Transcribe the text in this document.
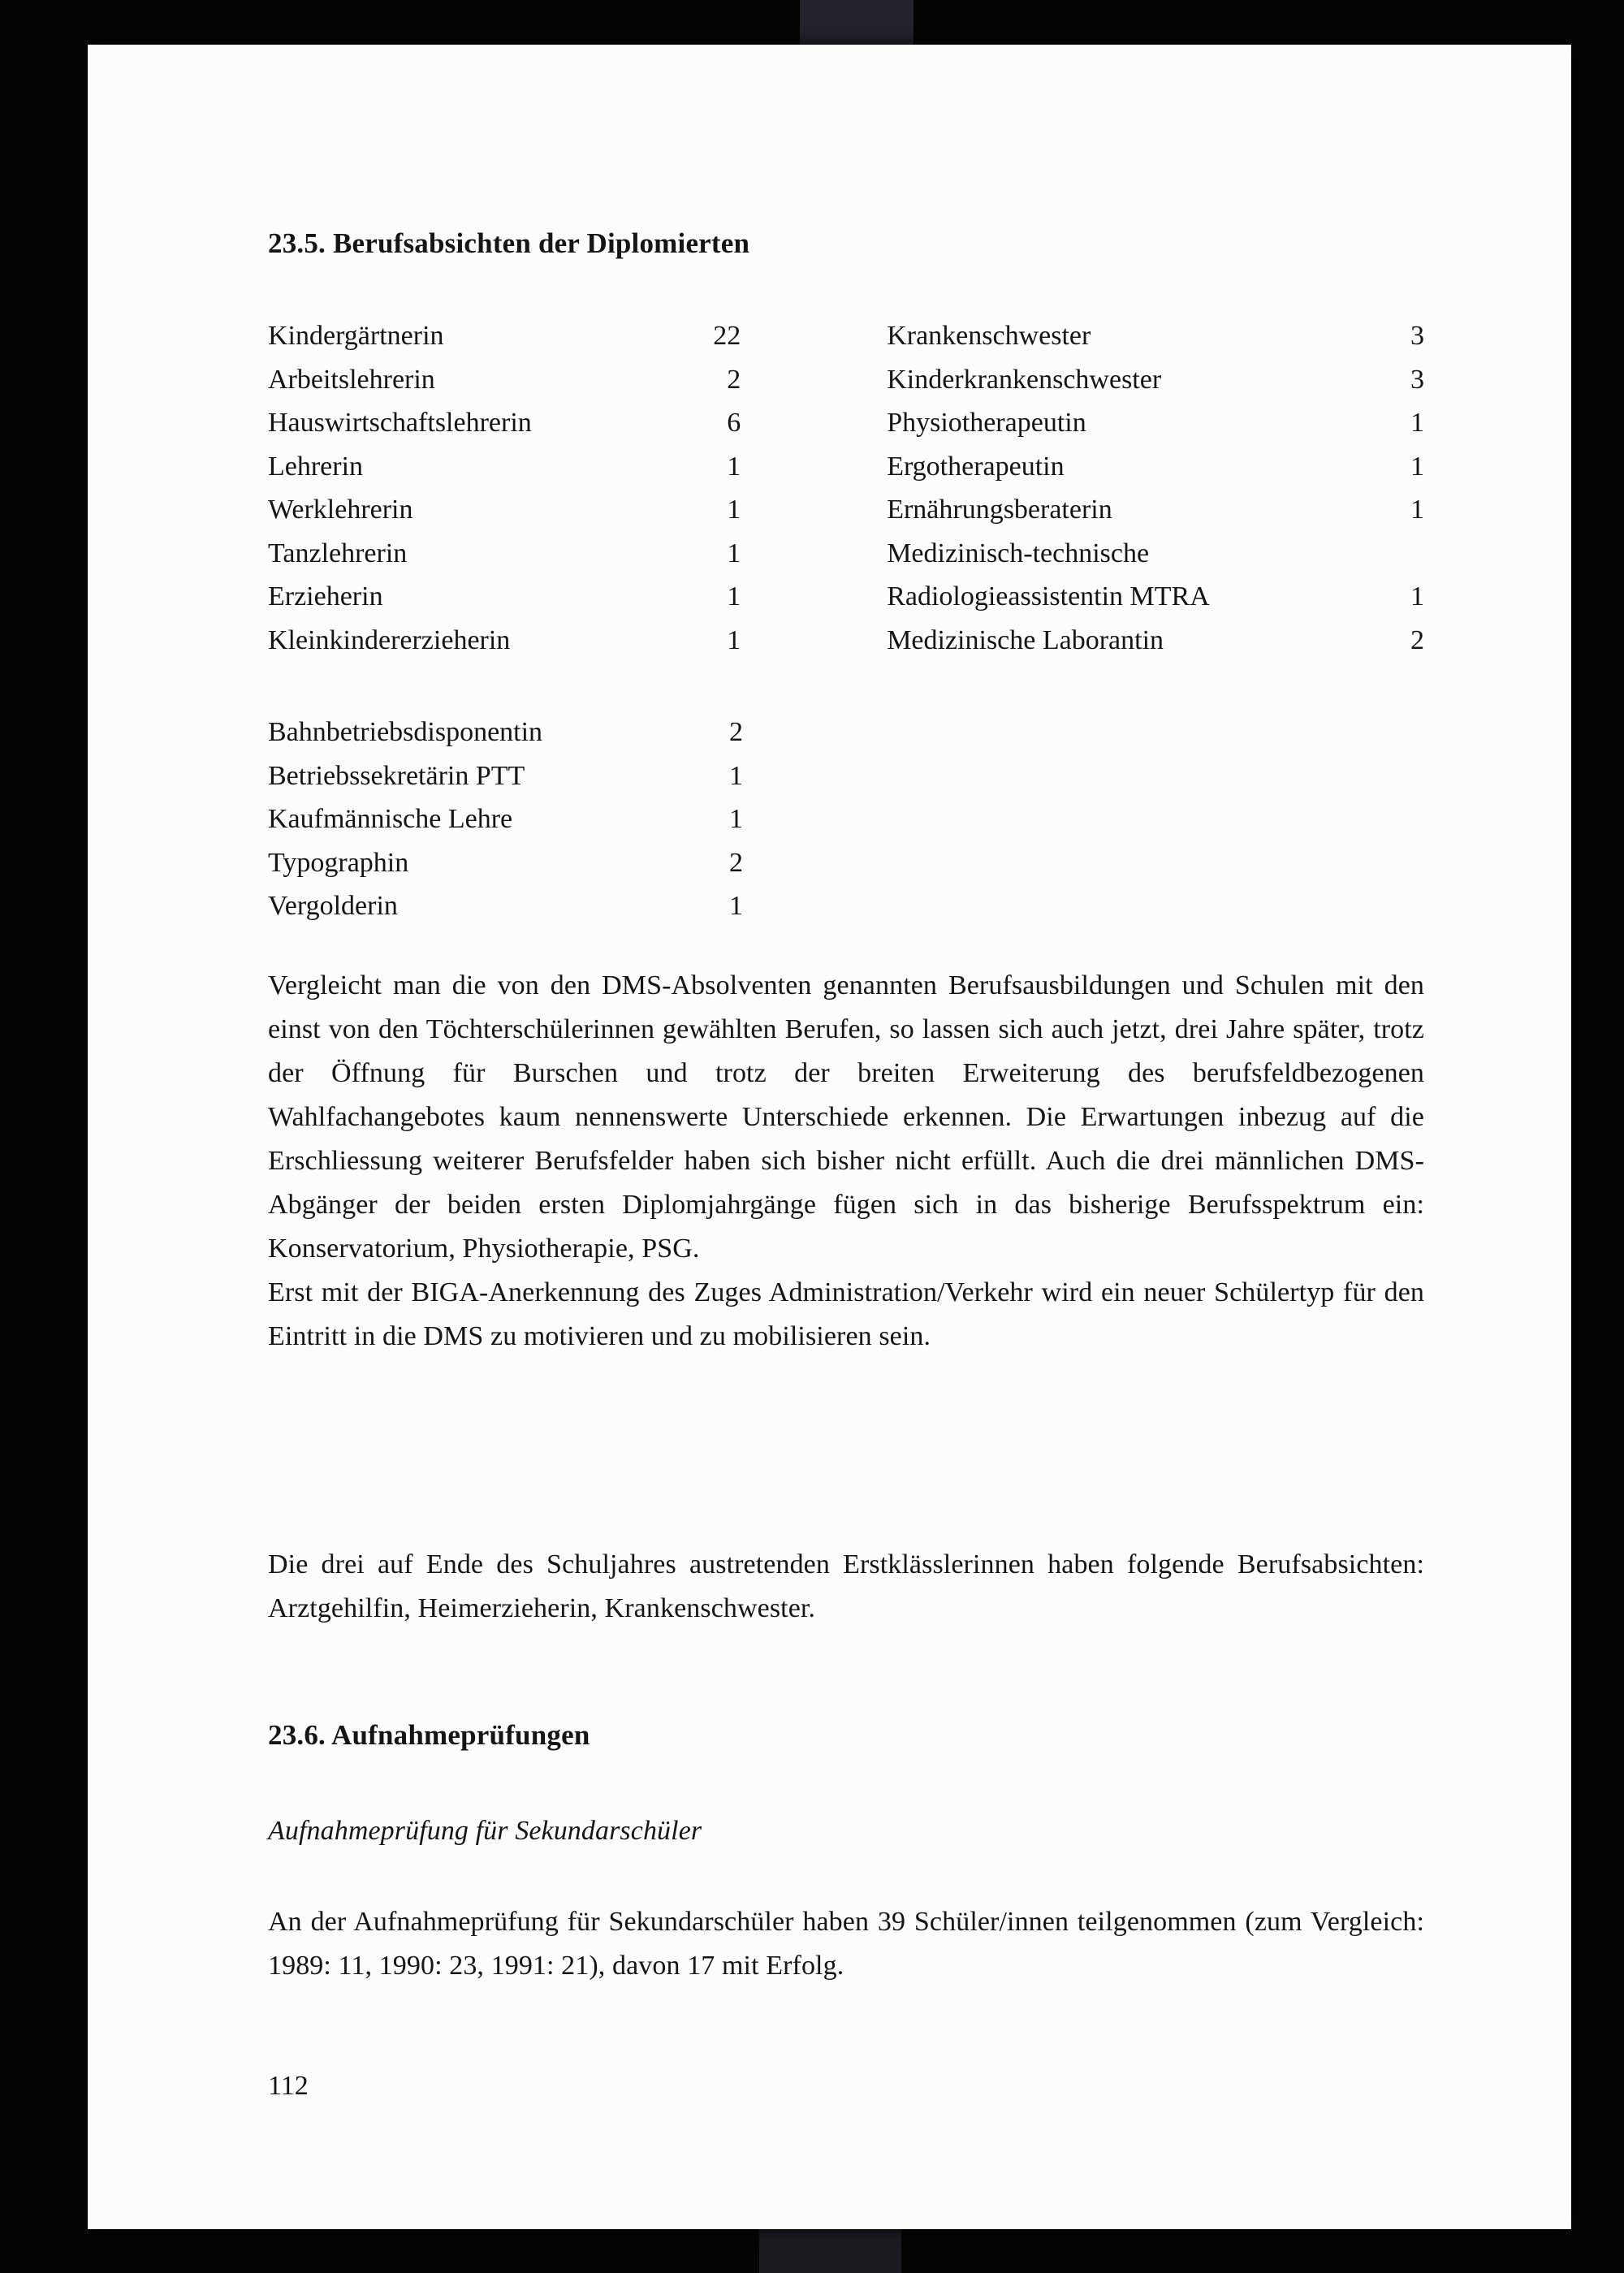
23.5. Berufsabsichten der Diplomierten
Kindergärtnerin	22
Arbeitslehrerin	2
Hauswirtschaftslehrerin	6
Lehrerin	1
Werklehrerin	1
Tanzlehrerin	1
Erzieherin	1
Kleinkindererzieherin	1
Krankenschwester	3
Kinderkrankenschwester	3
Physiotherapeutin	1
Ergotherapeutin	1
Ernährungsberaterin	1
Medizinisch-technische
Radiologieassistentin MTRA	1
Medizinische Laborantin	2
Bahnbetriebsdisponentin	2
Betriebssekretärin PTT	1
Kaufmännische Lehre	1
Typographin	2
Vergolderin	1
Vergleicht man die von den DMS-Absolventen genannten Berufsausbildungen und Schulen mit den einst von den Töchterschülerinnen gewählten Berufen, so lassen sich auch jetzt, drei Jahre später, trotz der Öffnung für Burschen und trotz der breiten Erweiterung des berufsfeldbezogenen Wahlfachangebotes kaum nennenswerte Unterschiede erkennen. Die Erwartungen inbezug auf die Erschliessung weiterer Berufsfelder haben sich bisher nicht erfüllt. Auch die drei männlichen DMS-Abgänger der beiden ersten Diplomjahrgänge fügen sich in das bisherige Berufsspektrum ein: Konservatorium, Physiotherapie, PSG.
Erst mit der BIGA-Anerkennung des Zuges Administration/Verkehr wird ein neuer Schülertyp für den Eintritt in die DMS zu motivieren und zu mobilisieren sein.
Die drei auf Ende des Schuljahres austretenden Erstklässlerinnen haben folgende Berufsabsichten: Arztgehilfin, Heimerzieherin, Krankenschwester.
23.6. Aufnahmeprüfungen
Aufnahmeprüfung für Sekundarschüler
An der Aufnahmeprüfung für Sekundarschüler haben 39 Schüler/innen teilgenommen (zum Vergleich: 1989: 11, 1990: 23, 1991: 21), davon 17 mit Erfolg.
112
